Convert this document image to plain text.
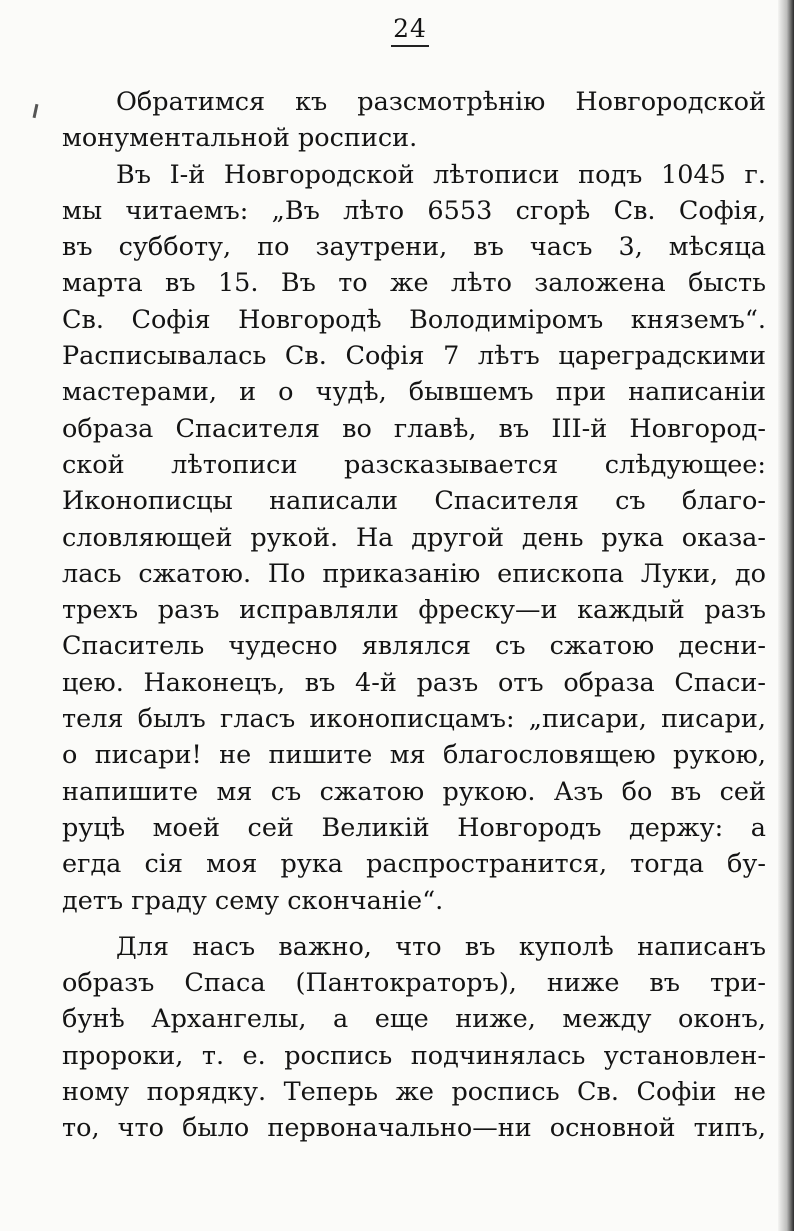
24
Обратимся къ разсмотрѣнію Новгородской
монументальной росписи.
Въ І-й Новгородской лѣтописи подъ 1045 г.
мы читаемъ: „Въ лѣто 6553 сгорѣ Св. Софія,
въ субботу, по заутрени, въ часъ 3, мѣсяца
марта въ 15. Въ то же лѣто заложена бысть
Св. Софія Новгородѣ Володиміромъ княземъ“.
Расписывалась Св. Софія 7 лѣтъ цареградскими
мастерами, и о чудѣ, бывшемъ при написаніи
образа Спасителя во главѣ, въ ІІІ-й Новгород-
ской лѣтописи разсказывается слѣдующее:
Иконописцы написали Спасителя съ благо-
словляющей рукой. На другой день рука оказа-
лась сжатою. По приказанію епископа Луки, до
трехъ разъ исправляли фреску—и каждый разъ
Спаситель чудесно являлся съ сжатою десни-
цею. Наконецъ, въ 4-й разъ отъ образа Спаси-
теля былъ гласъ иконописцамъ: „писари, писари,
о писари! не пишите мя благословящею рукою,
напишите мя съ сжатою рукою. Азъ бо въ сей
руцѣ моей сей Великій Новгородъ держу: а
егда сія моя рука распространится, тогда бу-
детъ граду сему скончаніе“.
Для насъ важно, что въ куполѣ написанъ
образъ Спаса (Пантократоръ), ниже въ три-
бунѣ Архангелы, а еще ниже, между оконъ,
пророки, т. е. роспись подчинялась установлен-
ному порядку. Теперь же роспись Св. Софіи не
то, что было первоначально—ни основной типъ,
